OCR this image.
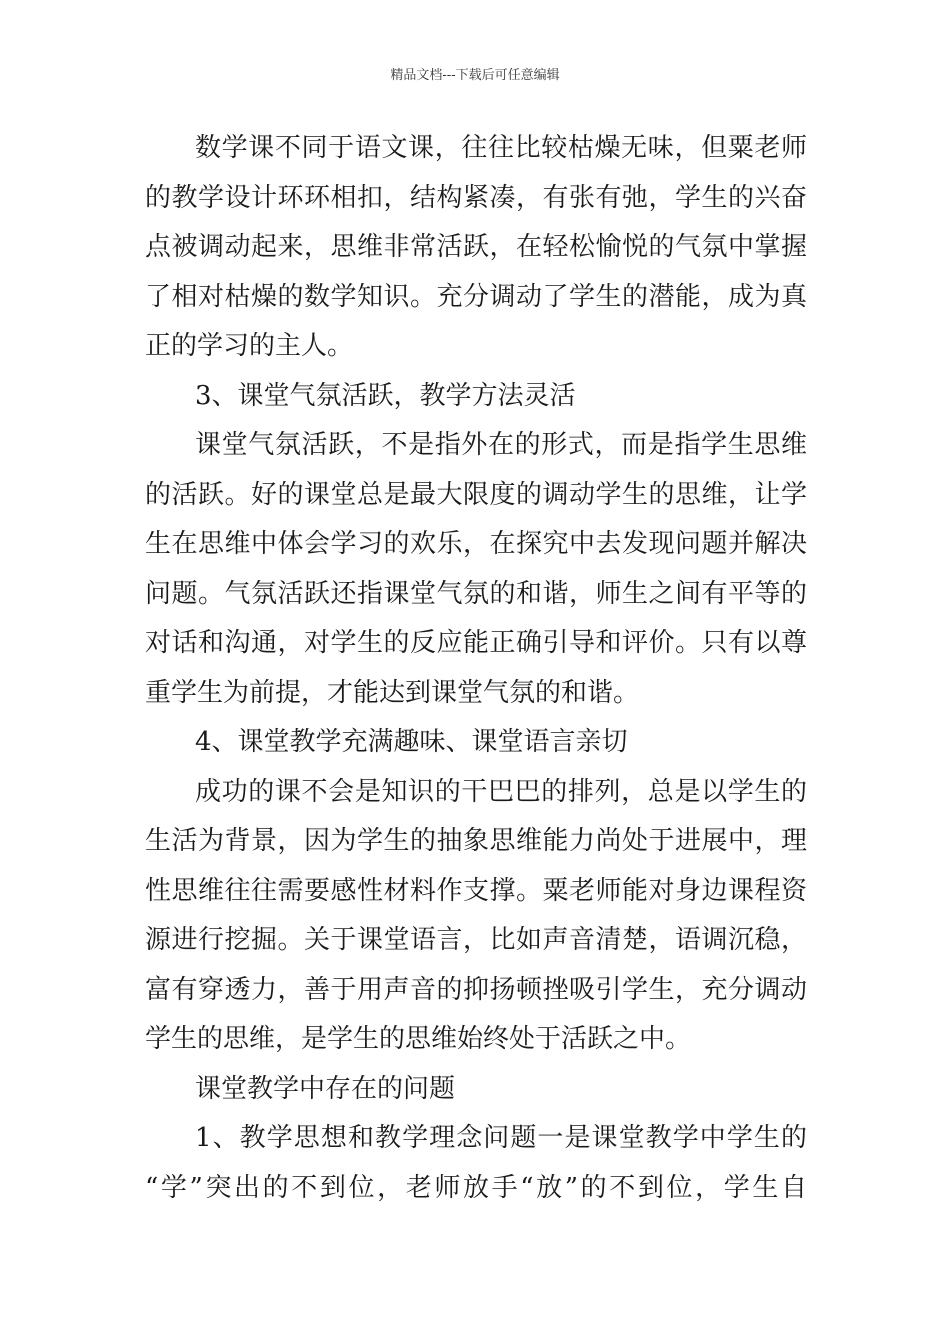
精品文档---下载后可任意编辑
数学课不同于语文课，往往比较枯燥无味，但粟老师
的教学设计环环相扣，结构紧凑，有张有弛，学生的兴奋
点被调动起来，思维非常活跃，在轻松愉悦的气氛中掌握
了相对枯燥的数学知识。充分调动了学生的潜能，成为真
正的学习的主人。
3、课堂气氛活跃，教学方法灵活
课堂气氛活跃，不是指外在的形式，而是指学生思维
的活跃。好的课堂总是最大限度的调动学生的思维，让学
生在思维中体会学习的欢乐，在探究中去发现问题并解决
问题。气氛活跃还指课堂气氛的和谐，师生之间有平等的
对话和沟通，对学生的反应能正确引导和评价。只有以尊
重学生为前提，才能达到课堂气氛的和谐。
4、课堂教学充满趣味、课堂语言亲切
成功的课不会是知识的干巴巴的排列，总是以学生的
生活为背景，因为学生的抽象思维能力尚处于进展中，理
性思维往往需要感性材料作支撑。粟老师能对身边课程资
源进行挖掘。关于课堂语言，比如声音清楚，语调沉稳，
富有穿透力，善于用声音的抑扬顿挫吸引学生，充分调动
学生的思维，是学生的思维始终处于活跃之中。
课堂教学中存在的问题
1、教学思想和教学理念问题一是课堂教学中学生的
“学”突出的不到位，老师放手“放”的不到位，学生自
